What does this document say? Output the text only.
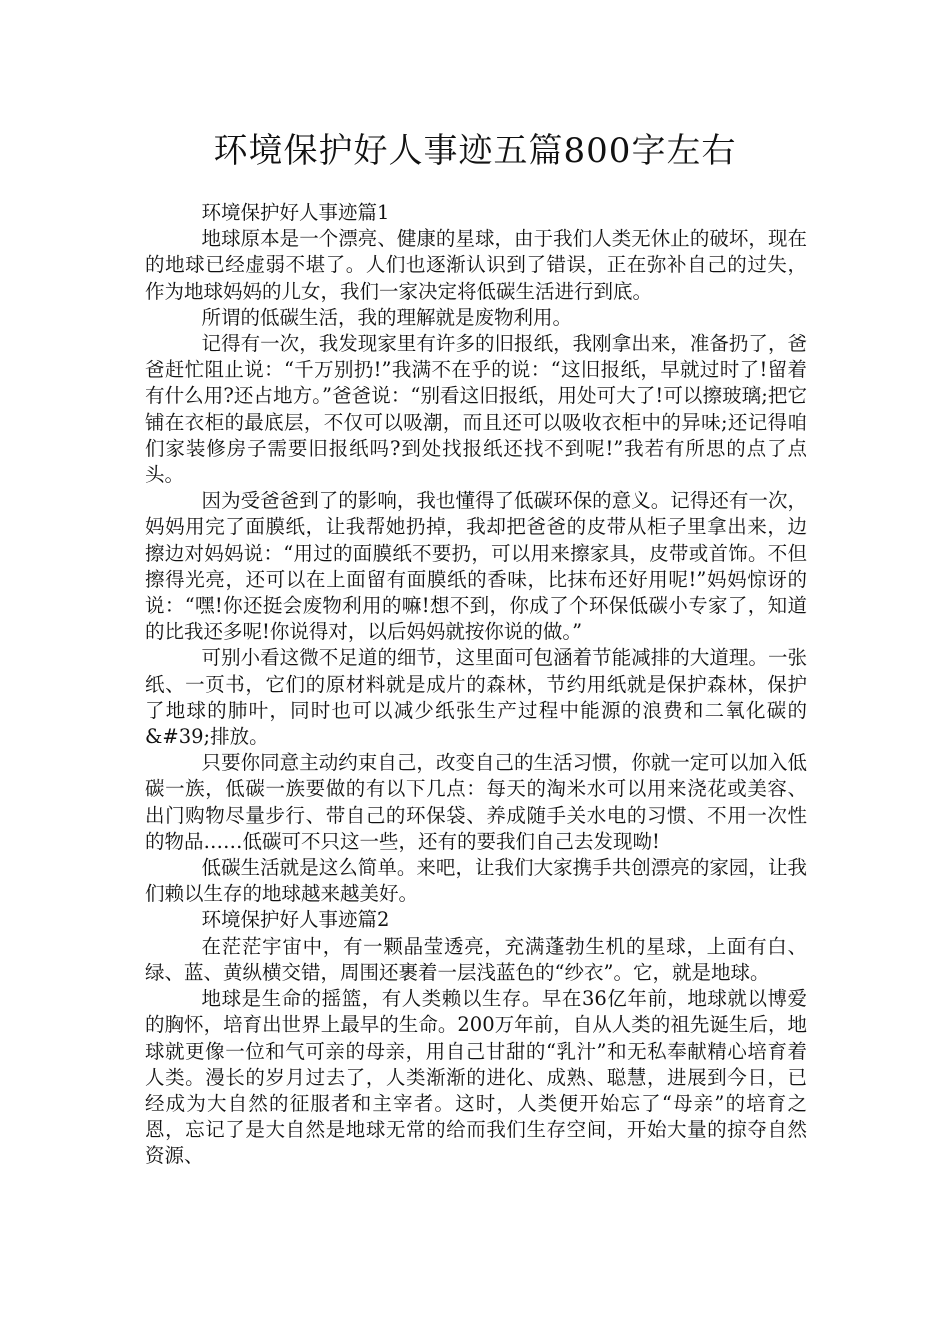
环境保护好人事迹五篇800字左右

环境保护好人事迹篇1

地球原本是一个漂亮、健康的星球，由于我们人类无休止的破坏，现在的地球已经虚弱不堪了。人们也逐渐认识到了错误，正在弥补自己的过失，作为地球妈妈的儿女，我们一家决定将低碳生活进行到底。

所谓的低碳生活，我的理解就是废物利用。

记得有一次，我发现家里有许多的旧报纸，我刚拿出来，准备扔了，爸爸赶忙阻止说：“千万别扔!”我满不在乎的说：“这旧报纸，早就过时了!留着有什么用?还占地方。”爸爸说：“别看这旧报纸，用处可大了!可以擦玻璃;把它铺在衣柜的最底层，不仅可以吸潮，而且还可以吸收衣柜中的异味;还记得咱们家装修房子需要旧报纸吗?到处找报纸还找不到呢!”我若有所思的点了点头。

因为受爸爸到了的影响，我也懂得了低碳环保的意义。记得还有一次，妈妈用完了面膜纸，让我帮她扔掉，我却把爸爸的皮带从柜子里拿出来，边擦边对妈妈说：“用过的面膜纸不要扔，可以用来擦家具，皮带或首饰。不但擦得光亮，还可以在上面留有面膜纸的香味，比抹布还好用呢!”妈妈惊讶的说：“嘿!你还挺会废物利用的嘛!想不到，你成了个环保低碳小专家了，知道的比我还多呢!你说得对，以后妈妈就按你说的做。”

可别小看这微不足道的细节，这里面可包涵着节能减排的大道理。一张纸、一页书，它们的原材料就是成片的森林，节约用纸就是保护森林，保护了地球的肺叶，同时也可以减少纸张生产过程中能源的浪费和二氧化碳的&#39;排放。

只要你同意主动约束自己，改变自己的生活习惯，你就一定可以加入低碳一族，低碳一族要做的有以下几点：每天的淘米水可以用来浇花或美容、出门购物尽量步行、带自己的环保袋、养成随手关水电的习惯、不用一次性的物品……低碳可不只这一些，还有的要我们自己去发现呦!

低碳生活就是这么简单。来吧，让我们大家携手共创漂亮的家园，让我们赖以生存的地球越来越美好。

环境保护好人事迹篇2

在茫茫宇宙中，有一颗晶莹透亮，充满蓬勃生机的星球，上面有白、绿、蓝、黄纵横交错，周围还裹着一层浅蓝色的“纱衣”。它，就是地球。

地球是生命的摇篮，有人类赖以生存。早在36亿年前，地球就以博爱的胸怀，培育出世界上最早的生命。200万年前，自从人类的祖先诞生后，地球就更像一位和气可亲的母亲，用自己甘甜的“乳汁”和无私奉献精心培育着人类。漫长的岁月过去了，人类渐渐的进化、成熟、聪慧，进展到今日，已经成为大自然的征服者和主宰者。这时，人类便开始忘了“母亲”的培育之恩，忘记了是大自然是地球无常的给而我们生存空间，开始大量的掠夺自然资源、
